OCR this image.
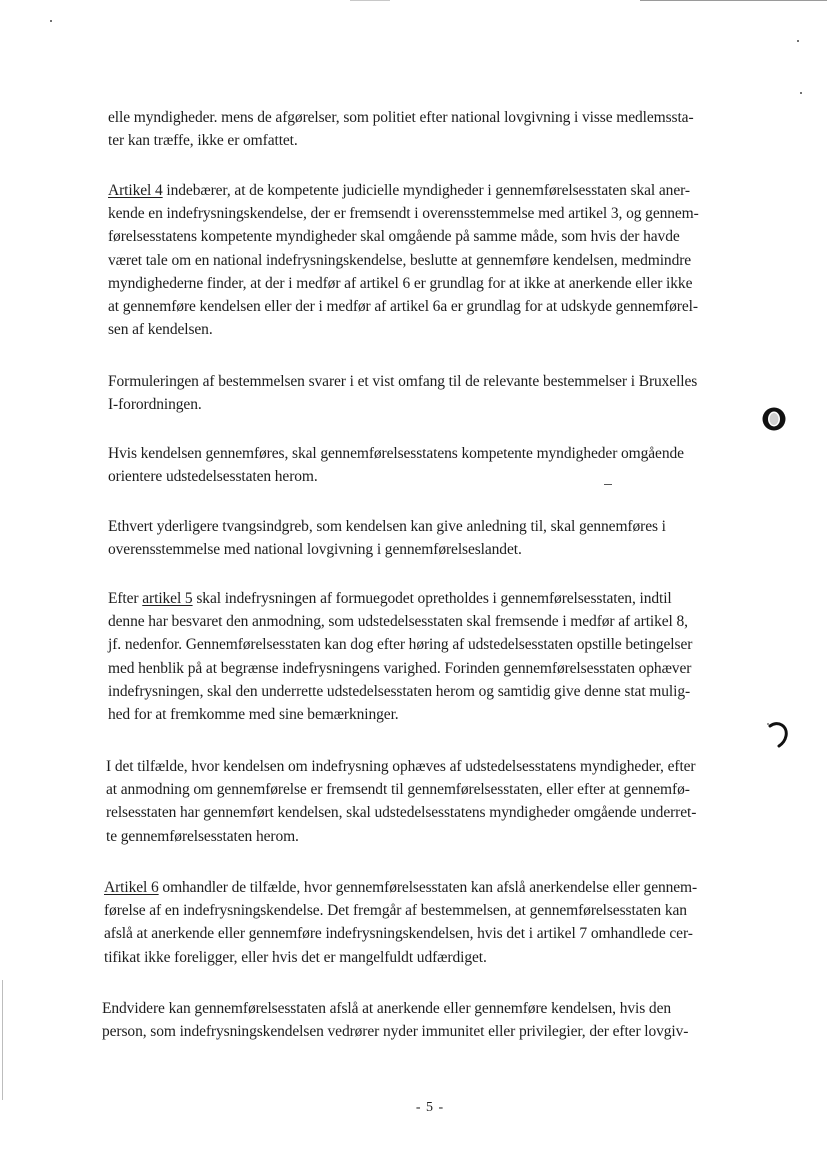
elle myndigheder. mens de afgørelser, som politiet efter national lovgivning i visse medlemssta-
ter kan træffe, ikke er omfattet.
Artikel 4 indebærer, at de kompetente judicielle myndigheder i gennemførelsesstaten skal aner-
kende en indefrysningskendelse, der er fremsendt i overensstemmelse med artikel 3, og gennem-
førelsesstatens kompetente myndigheder skal omgående på samme måde, som hvis der havde
været tale om en national indefrysningskendelse, beslutte at gennemføre kendelsen, medmindre
myndighederne finder, at der i medfør af artikel 6 er grundlag for at ikke at anerkende eller ikke
at gennemføre kendelsen eller der i medfør af artikel 6a er grundlag for at udskyde gennemførel-
sen af kendelsen.
Formuleringen af bestemmelsen svarer i et vist omfang til de relevante bestemmelser i Bruxelles
I-forordningen.
Hvis kendelsen gennemføres, skal gennemførelsesstatens kompetente myndigheder omgående
orientere udstedelsesstaten herom.
Ethvert yderligere tvangsindgreb, som kendelsen kan give anledning til, skal gennemføres i
overensstemmelse med national lovgivning i gennemførelseslandet.
Efter artikel 5 skal indefrysningen af formuegodet opretholdes i gennemførelsesstaten, indtil
denne har besvaret den anmodning, som udstedelsesstaten skal fremsende i medfør af artikel 8,
jf. nedenfor. Gennemførelsesstaten kan dog efter høring af udstedelsesstaten opstille betingelser
med henblik på at begrænse indefrysningens varighed. Forinden gennemførelsesstaten ophæver
indefrysningen, skal den underrette udstedelsesstaten herom og samtidig give denne stat mulig-
hed for at fremkomme med sine bemærkninger.
I det tilfælde, hvor kendelsen om indefrysning ophæves af udstedelsesstatens myndigheder, efter
at anmodning om gennemførelse er fremsendt til gennemførelsesstaten, eller efter at gennemfø-
relsesstaten har gennemført kendelsen, skal udstedelsesstatens myndigheder omgående underret-
te gennemførelsesstaten herom.
Artikel 6 omhandler de tilfælde, hvor gennemførelsesstaten kan afslå anerkendelse eller gennem-
førelse af en indefrysningskendelse. Det fremgår af bestemmelsen, at gennemførelsesstaten kan
afslå at anerkende eller gennemføre indefrysningskendelsen, hvis det i artikel 7 omhandlede cer-
tifikat ikke foreligger, eller hvis det er mangelfuldt udfærdiget.
Endvidere kan gennemførelsesstaten afslå at anerkende eller gennemføre kendelsen, hvis den
person, som indefrysningskendelsen vedrører nyder immunitet eller privilegier, der efter lovgiv-
- 5 -
